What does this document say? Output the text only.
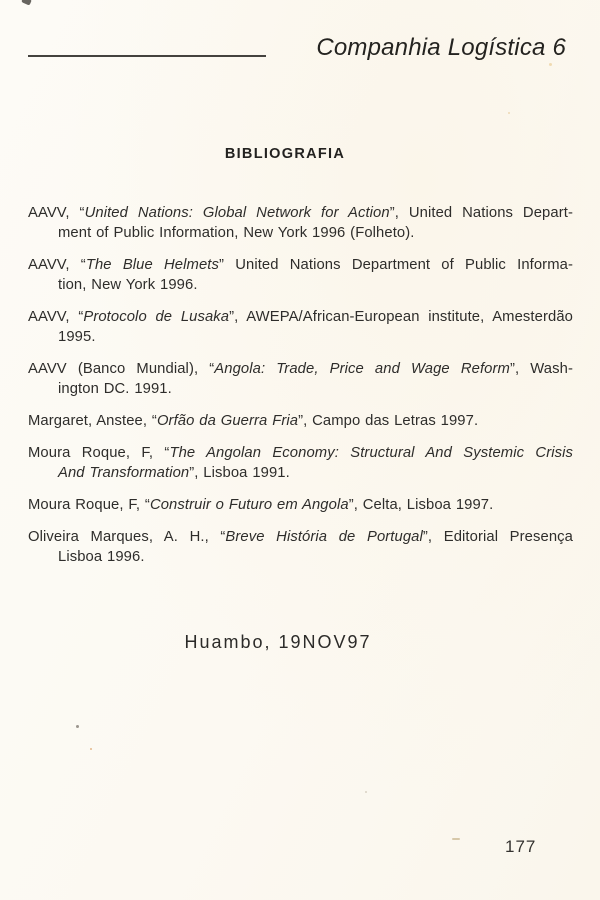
Companhia Logística 6
BIBLIOGRAFIA
AAVV, “United Nations: Global Network for Action”, United Nations Depart-
ment of Public Information, New York 1996 (Folheto).
AAVV, “The Blue Helmets” United Nations Department of Public Informa-
tion, New York 1996.
AAVV, “Protocolo de Lusaka”, AWEPA/African-European institute, Amesterdão
1995.
AAVV (Banco Mundial), “Angola: Trade, Price and Wage Reform”, Wash-
ington DC. 1991.
Margaret, Anstee, “Orfão da Guerra Fria”, Campo das Letras 1997.
Moura Roque, F, “The Angolan Economy: Structural And Systemic Crisis
And Transformation”, Lisboa 1991.
Moura Roque, F, “Construir o Futuro em Angola”, Celta, Lisboa 1997.
Oliveira Marques, A. H., “Breve História de Portugal”, Editorial Presença
Lisboa 1996.
Huambo, 19NOV97
177
